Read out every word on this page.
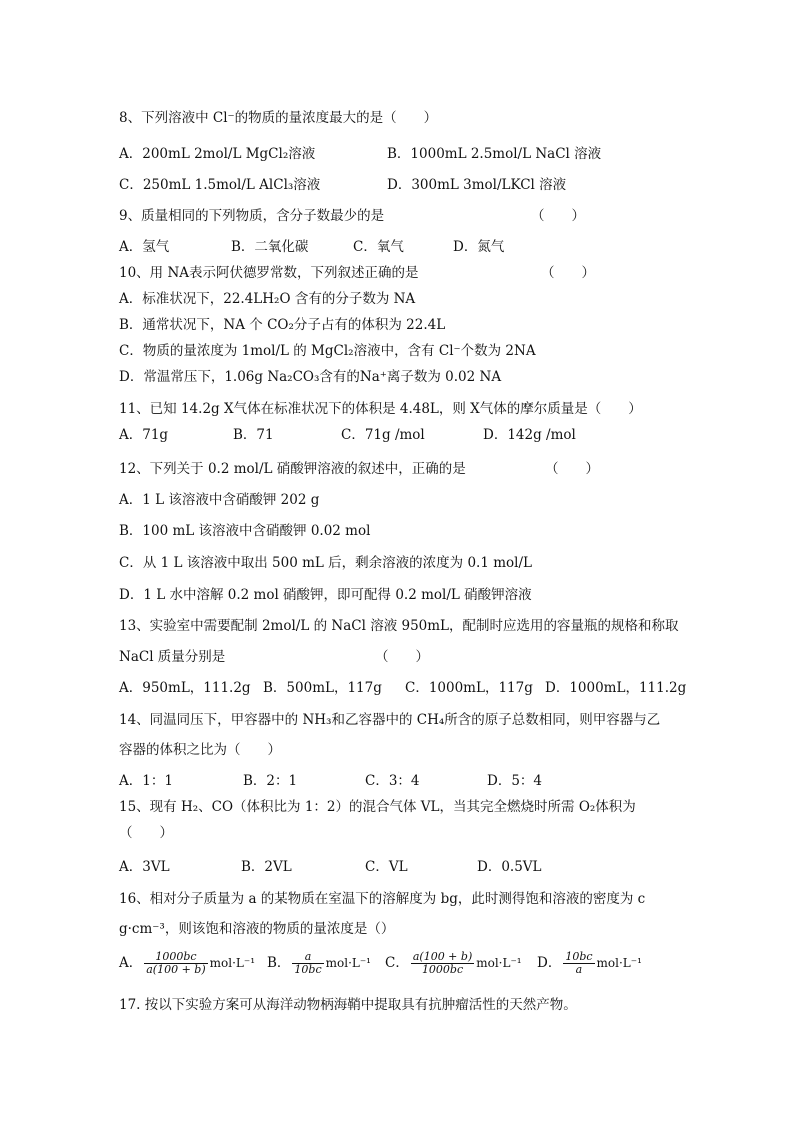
8、下列溶液中 Cl⁻的物质的量浓度最大的是（　　）
A．200mL 2mol/L MgCl₂溶液	B．1000mL 2.5mol/L NaCl 溶液
C．250mL 1.5mol/L AlCl₃溶液	D．300mL 3mol/LKCl 溶液
9、质量相同的下列物质，含分子数最少的是	（　　）
A．氢气	B．二氧化碳	C．氧气	D．氮气
10、用 NA表示阿伏德罗常数，下列叙述正确的是	（　　）
A．标准状况下，22.4LH₂O 含有的分子数为 NA
B．通常状况下，NA 个 CO₂分子占有的体积为 22.4L
C．物质的量浓度为 1mol/L 的 MgCl₂溶液中，含有 Cl⁻个数为 2NA
D．常温常压下，1.06g Na₂CO₃含有的Na⁺离子数为 0.02 NA
11、已知 14.2g X气体在标准状况下的体积是 4.48L，则 X气体的摩尔质量是（　　）
A．71g	B．71	C．71g /mol	D．142g /mol
12、下列关于 0.2 mol/L 硝酸钾溶液的叙述中，正确的是	（　　）
A．1 L 该溶液中含硝酸钾 202 g
B．100 mL 该溶液中含硝酸钾 0.02 mol
C．从 1 L 该溶液中取出 500 mL 后，剩余溶液的浓度为 0.1 mol/L
D．1 L 水中溶解 0.2 mol 硝酸钾，即可配得 0.2 mol/L 硝酸钾溶液
13、实验室中需要配制 2mol/L 的 NaCl 溶液 950mL，配制时应选用的容量瓶的规格和称取
NaCl 质量分别是	（　　）
A．950mL，111.2g B．500mL，117g C．1000mL，117g D．1000mL，111.2g
14、同温同压下，甲容器中的 NH₃和乙容器中的 CH₄所含的原子总数相同，则甲容器与乙
容器的体积之比为（　　）
A．1：1	B．2：1	C．3：4	D．5：4
15、现有 H₂、CO（体积比为 1：2）的混合气体 VL，当其完全燃烧时所需 O₂体积为
（　　）
A．3VL	B．2VL	C．VL	D．0.5VL
16、相对分子质量为 a 的某物质在室温下的溶解度为 bg，此时测得饱和溶液的密度为 c
g·cm⁻³，则该饱和溶液的物质的量浓度是（）
A． $\frac{1000bc}{a(100 + b)} mol\cdot L^{-1}$ B． $\frac{a}{10bc} mol\cdot L^{-1}$ C． $\frac{a(100 + b)}{1000bc} mol\cdot L^{-1}$ D． $\frac{10bc}{a} mol\cdot L^{-1}$
17. 按以下实验方案可从海洋动物柄海鞘中提取具有抗肿瘤活性的天然产物。
